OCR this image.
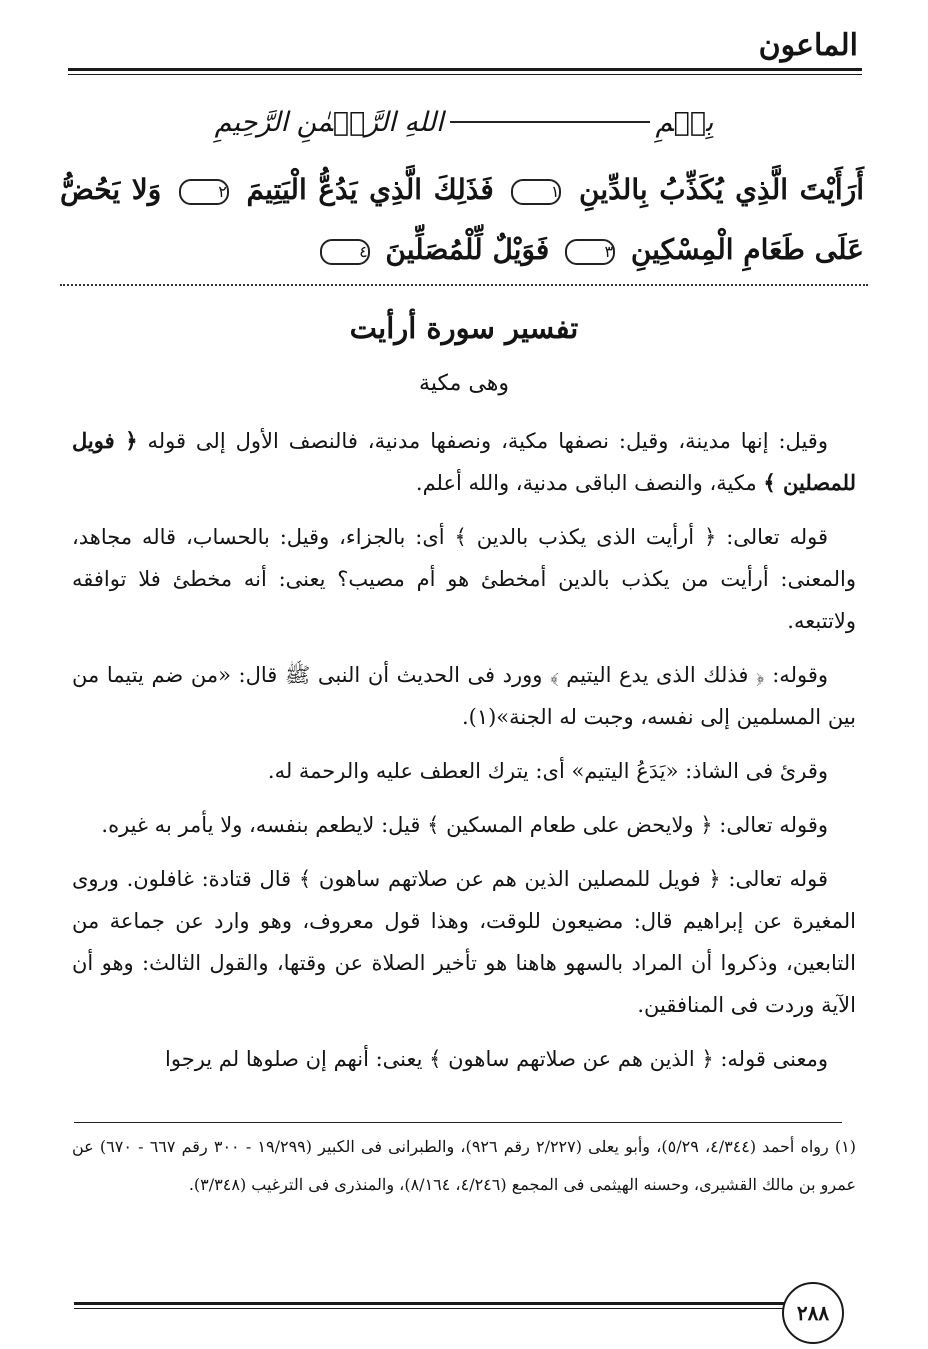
الماعون
بِسۡمِ
اللهِ الرَّحۡمٰنِ الرَّحِيمِ
أَرَأَيْتَ الَّذِي يُكَذِّبُ بِالدِّينِ ١ فَذَلِكَ الَّذِي يَدُعُّ الْيَتِيمَ ٢ وَلا يَحُضُّ عَلَى طَعَامِ الْمِسْكِينِ ٣ فَوَيْلٌ لِّلْمُصَلِّينَ ٤
تفسير سورة أرأيت
وهى مكية

وقيل: إنها مدينة، وقيل: نصفها مكية، ونصفها مدنية، فالنصف الأول إلى قوله ﴿ فويل للمصلين ﴾ مكية، والنصف الباقى مدنية، والله أعلم.

قوله تعالى: ﴿ أرأيت الذى يكذب بالدين ﴾ أى: بالجزاء، وقيل: بالحساب، قاله مجاهد، والمعنى: أرأيت من يكذب بالدين أمخطئ هو أم مصيب؟ يعنى: أنه مخطئ فلا توافقه ولاتتبعه.

وقوله: ﴿ فذلك الذى يدع اليتيم ﴾ وورد فى الحديث أن النبى ﷺ قال: «من ضم يتيما من بين المسلمين إلى نفسه، وجبت له الجنة»(١).

وقرئ فى الشاذ: «يَدَعُ اليتيم» أى: يترك العطف عليه والرحمة له.

وقوله تعالى: ﴿ ولايحض على طعام المسكين ﴾ قيل: لايطعم بنفسه، ولا يأمر به غيره.

قوله تعالى: ﴿ فويل للمصلين الذين هم عن صلاتهم ساهون ﴾ قال قتادة: غافلون. وروى المغيرة عن إبراهيم قال: مضيعون للوقت، وهذا قول معروف، وهو وارد عن جماعة من التابعين، وذكروا أن المراد بالسهو هاهنا هو تأخير الصلاة عن وقتها، والقول الثالث: وهو أن الآية وردت فى المنافقين.

ومعنى قوله: ﴿ الذين هم عن صلاتهم ساهون ﴾ يعنى: أنهم إن صلوها لم يرجوا

(١) رواه أحمد (٤/٣٤٤، ٥/٢٩)، وأبو يعلى (٢/٢٢٧ رقم ٩٢٦)، والطبرانى فى الكبير (١٩/٢٩٩ - ٣٠٠ رقم ٦٦٧ - ٦٧٠) عن عمرو بن مالك القشيرى، وحسنه الهيثمى فى المجمع (٤/٢٤٦، ٨/١٦٤)، والمنذرى فى الترغيب (٣/٣٤٨).
٢٨٨
